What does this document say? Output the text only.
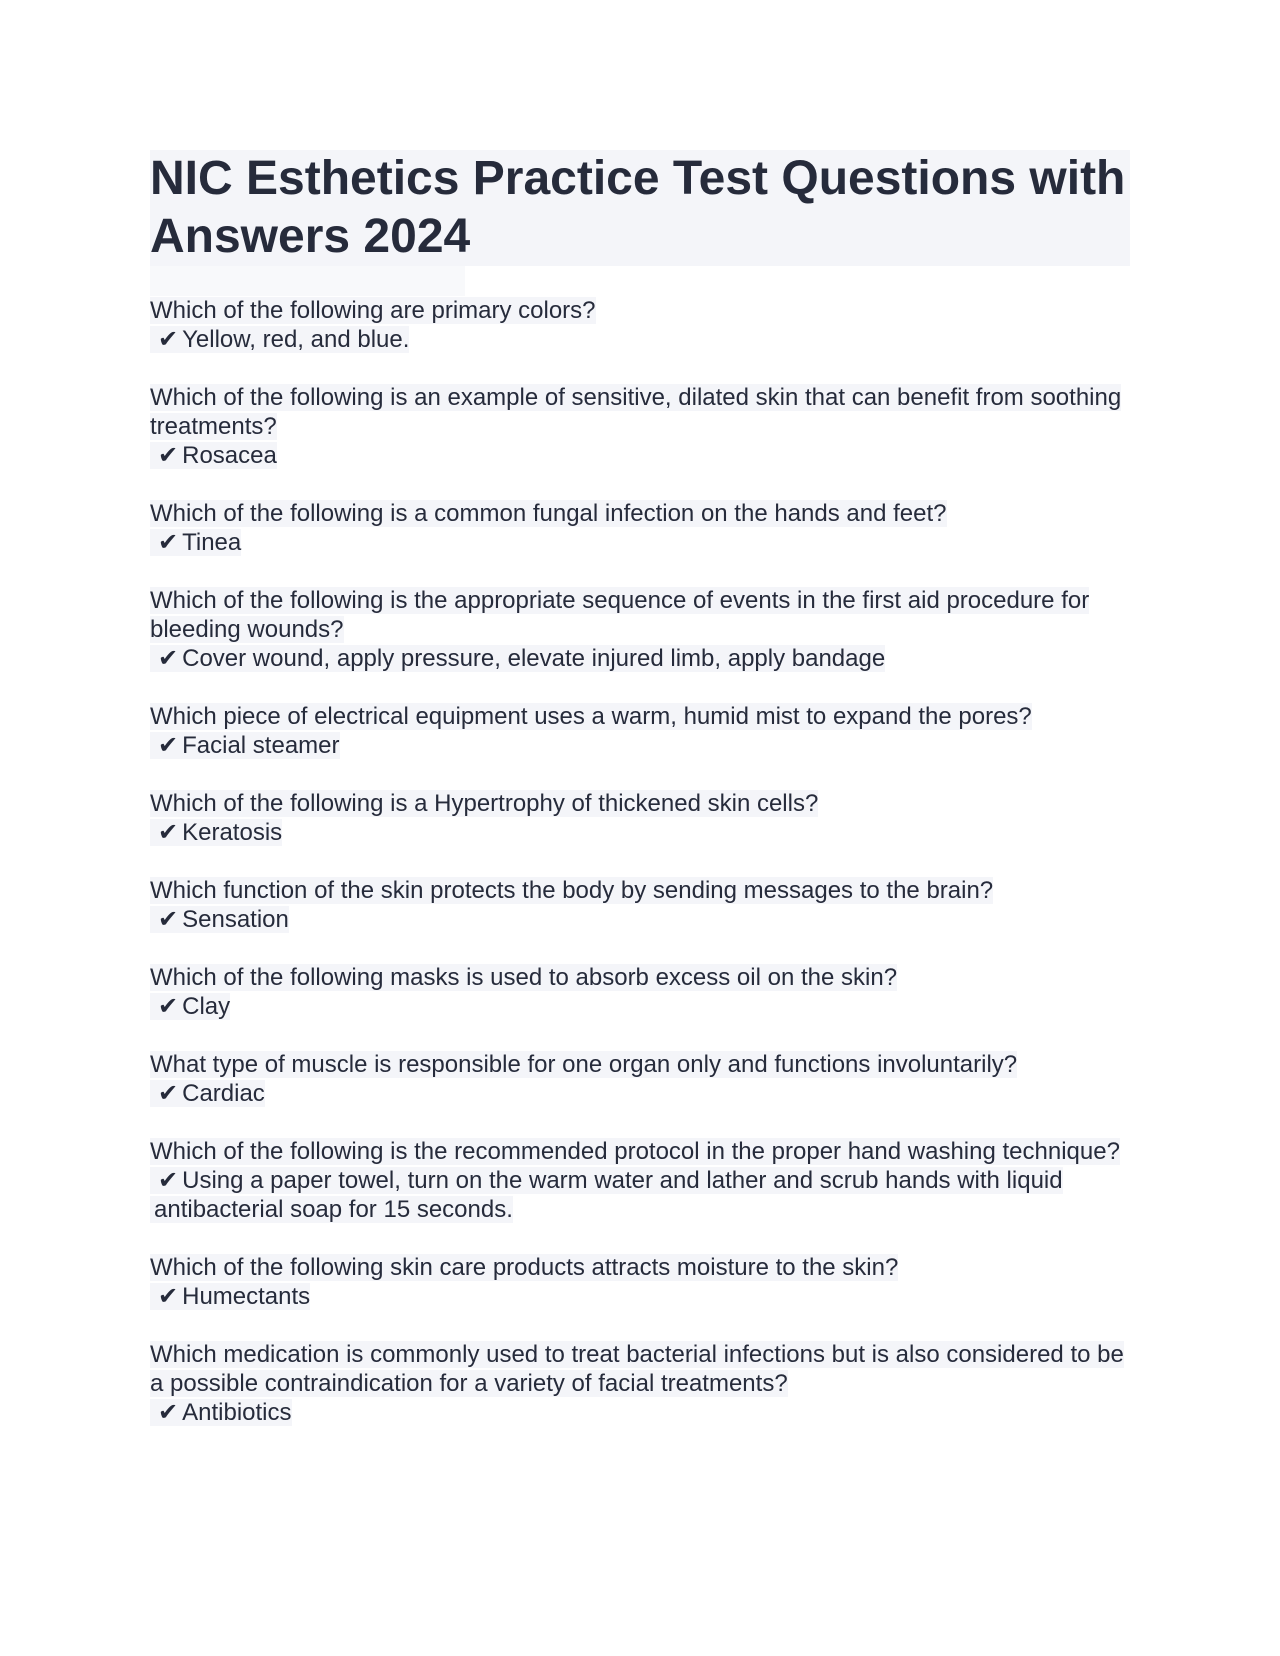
NIC Esthetics Practice Test Questions with Answers 2024
Which of the following are primary colors?
✔ Yellow, red, and blue.
Which of the following is an example of sensitive, dilated skin that can benefit from soothing treatments?
✔ Rosacea
Which of the following is a common fungal infection on the hands and feet?
✔ Tinea
Which of the following is the appropriate sequence of events in the first aid procedure for bleeding wounds?
✔ Cover wound, apply pressure, elevate injured limb, apply bandage
Which piece of electrical equipment uses a warm, humid mist to expand the pores?
✔ Facial steamer
Which of the following is a Hypertrophy of thickened skin cells?
✔ Keratosis
Which function of the skin protects the body by sending messages to the brain?
✔ Sensation
Which of the following masks is used to absorb excess oil on the skin?
✔ Clay
What type of muscle is responsible for one organ only and functions involuntarily?
✔ Cardiac
Which of the following is the recommended protocol in the proper hand washing technique?
✔ Using a paper towel, turn on the warm water and lather and scrub hands with liquid antibacterial soap for 15 seconds.
Which of the following skin care products attracts moisture to the skin?
✔ Humectants
Which medication is commonly used to treat bacterial infections but is also considered to be a possible contraindication for a variety of facial treatments?
✔ Antibiotics
